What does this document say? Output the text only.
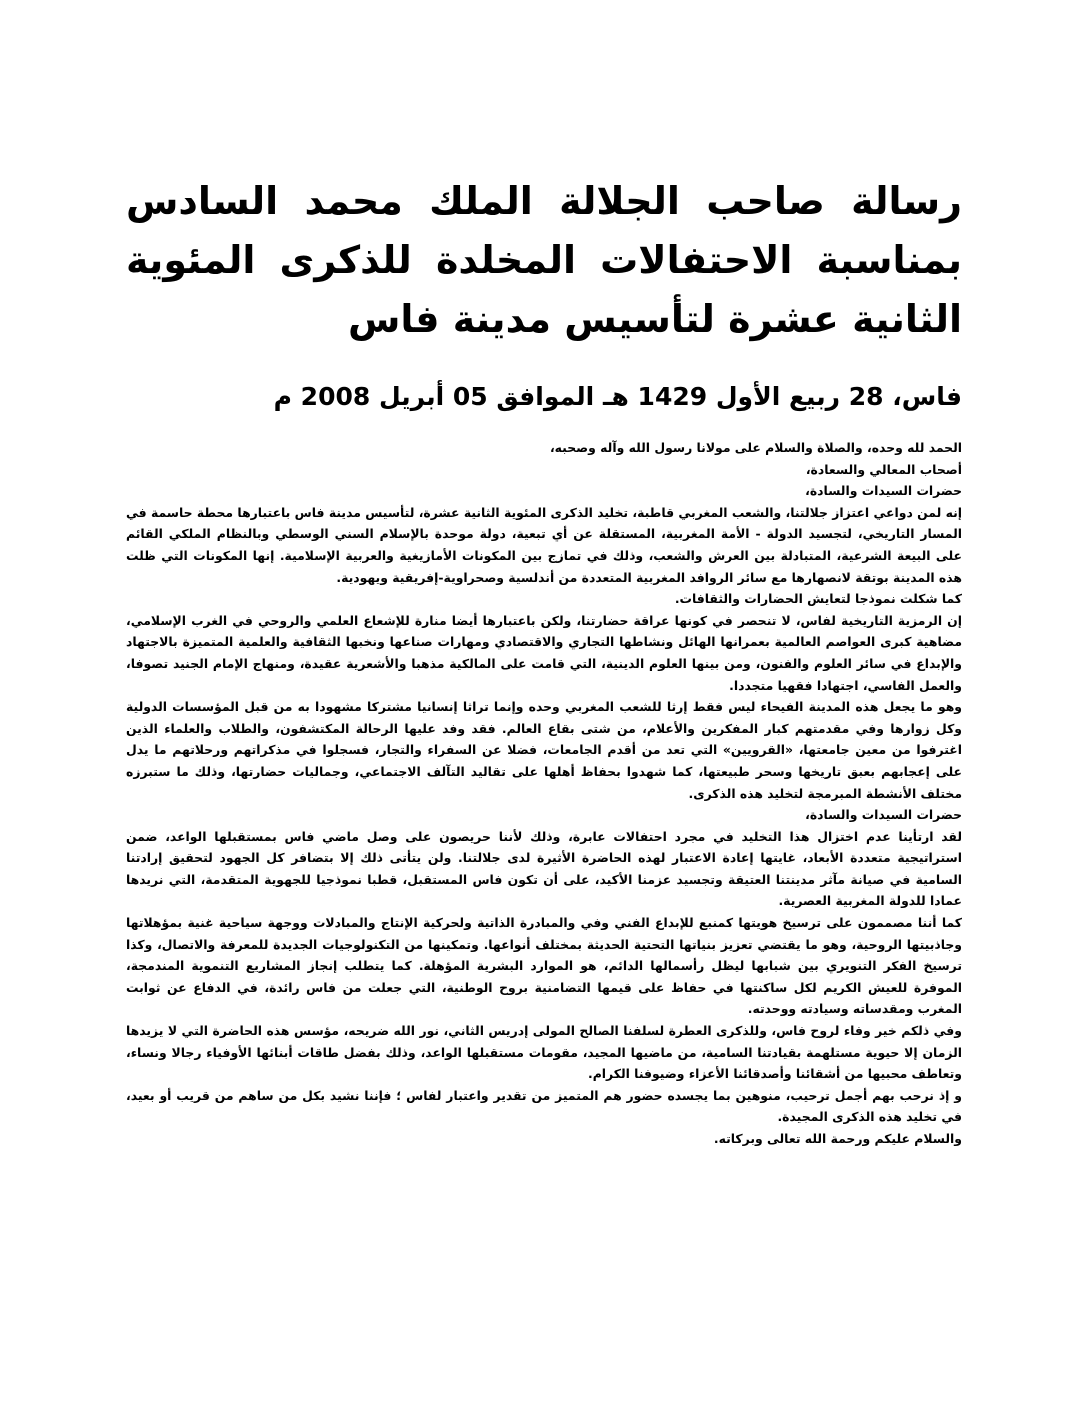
رسالة صاحب الجلالة الملك محمد السادس بمناسبة الاحتفالات المخلدة للذكرى المئوية الثانية عشرة لتأسيس مدينة فاس
فاس، 28 ربيع الأول 1429 هـ الموافق 05 أبريل 2008 م

الحمد لله وحده، والصلاة والسلام على مولانا رسول الله وآله وصحبه،

أصحاب المعالي والسعادة،

حضرات السيدات والسادة،

إنه لمن دواعي اعتزاز جلالتنا، والشعب المغربي قاطبة، تخليد الذكرى المئوية الثانية عشرة، لتأسيس مدينة فاس باعتبارها محطة حاسمة في المسار التاريخي، لتجسيد الدولة - الأمة المغربية، المستقلة عن أي تبعية، دولة موحدة بالإسلام السني الوسطي وبالنظام الملكي القائم على البيعة الشرعية، المتبادلة بين العرش والشعب، وذلك في تمازج بين المكونات الأمازيغية والعربية الإسلامية. إنها المكونات التي ظلت هذه المدينة بوتقة لانصهارها مع سائر الروافد المغربية المتعددة من أندلسية وصحراوية-إفريقية ويهودية.

كما شكلت نموذجا لتعايش الحضارات والثقافات.

إن الرمزية التاريخية لفاس، لا تنحصر في كونها عراقة حضارتنا، ولكن باعتبارها أيضا منارة للإشعاع العلمي والروحي في الغرب الإسلامي، مضاهية كبرى العواصم العالمية بعمرانها الهائل ونشاطها التجاري والاقتصادي ومهارات صناعها ونخبها الثقافية والعلمية المتميزة بالاجتهاد والإبداع في سائر العلوم والفنون، ومن بينها العلوم الدينية، التي قامت على المالكية مذهبا والأشعرية عقيدة، ومنهاج الإمام الجنيد تصوفا، والعمل الفاسي، اجتهادا فقهيا متجددا.

وهو ما يجعل هذه المدينة الفيحاء ليس فقط إرثا للشعب المغربي وحده وإنما تراثا إنسانيا مشتركا مشهودا به من قبل المؤسسات الدولية وكل زوارها وفي مقدمتهم كبار المفكرين والأعلام، من شتى بقاع العالم. فقد وفد عليها الرحالة المكتشفون، والطلاب والعلماء الذين اغترفوا من معين جامعتها، «القرويين» التي تعد من أقدم الجامعات، فضلا عن السفراء والتجار، فسجلوا في مذكراتهم ورحلاتهم ما يدل على إعجابهم بعبق تاريخها وسحر طبيعتها، كما شهدوا بحفاظ أهلها على تقاليد التآلف الاجتماعي، وجماليات حضارتها، وذلك ما ستبرزه مختلف الأنشطة المبرمجة لتخليد هذه الذكرى.

حضرات السيدات والسادة،

لقد ارتأينا عدم اختزال هذا التخليد في مجرد احتفالات عابرة، وذلك لأننا حريصون على وصل ماضي فاس بمستقبلها الواعد، ضمن استراتيجية متعددة الأبعاد، غايتها إعادة الاعتبار لهذه الحاضرة الأثيرة لدى جلالتنا. ولن يتأتى ذلك إلا بتضافر كل الجهود لتحقيق إرادتنا السامية في صيانة مآثر مدينتنا العتيقة وتجسيد عزمنا الأكيد، على أن تكون فاس المستقبل، قطبا نموذجيا للجهوية المتقدمة، التي نريدها عمادا للدولة المغربية العصرية.

كما أننا مصممون على ترسيخ هويتها كمنبع للإبداع الفني وفي والمبادرة الذاتية ولحركية الإنتاج والمبادلات ووجهة سياحية غنية بمؤهلاتها وجاذبيتها الروحية، وهو ما يقتضي تعزيز بنياتها التحتية الحديثة بمختلف أنواعها. وتمكينها من التكنولوجيات الجديدة للمعرفة والاتصال، وكذا ترسيخ الفكر التنويري بين شبابها ليظل رأسمالها الدائم، هو الموارد البشرية المؤهلة. كما يتطلب إنجاز المشاريع التنموية المندمجة، الموفرة للعيش الكريم لكل ساكنتها في حفاظ على قيمها التضامنية بروح الوطنية، التي جعلت من فاس رائدة، في الدفاع عن ثوابت المغرب ومقدساته وسيادته ووحدته.

وفي ذلكم خير وفاء لروح فاس، وللذكرى العطرة لسلفنا الصالح المولى إدريس الثاني، نور الله ضريحه، مؤسس هذه الحاضرة التي لا يزيدها الزمان إلا حيوية مستلهمة بقيادتنا السامية، من ماضيها المجيد، مقومات مستقبلها الواعد، وذلك بفضل طاقات أبنائها الأوفياء رجالا ونساء، وتعاطف محبيها من أشقائنا وأصدقائنا الأعزاء وضيوفنا الكرام.

و إذ نرحب بهم أجمل ترحيب، منوهين بما يجسده حضور هم المتميز من تقدير واعتبار لفاس ؛ فإننا نشيد بكل من ساهم من قريب أو بعيد، في تخليد هذه الذكرى المجيدة.

والسلام عليكم ورحمة الله تعالى وبركاته.
